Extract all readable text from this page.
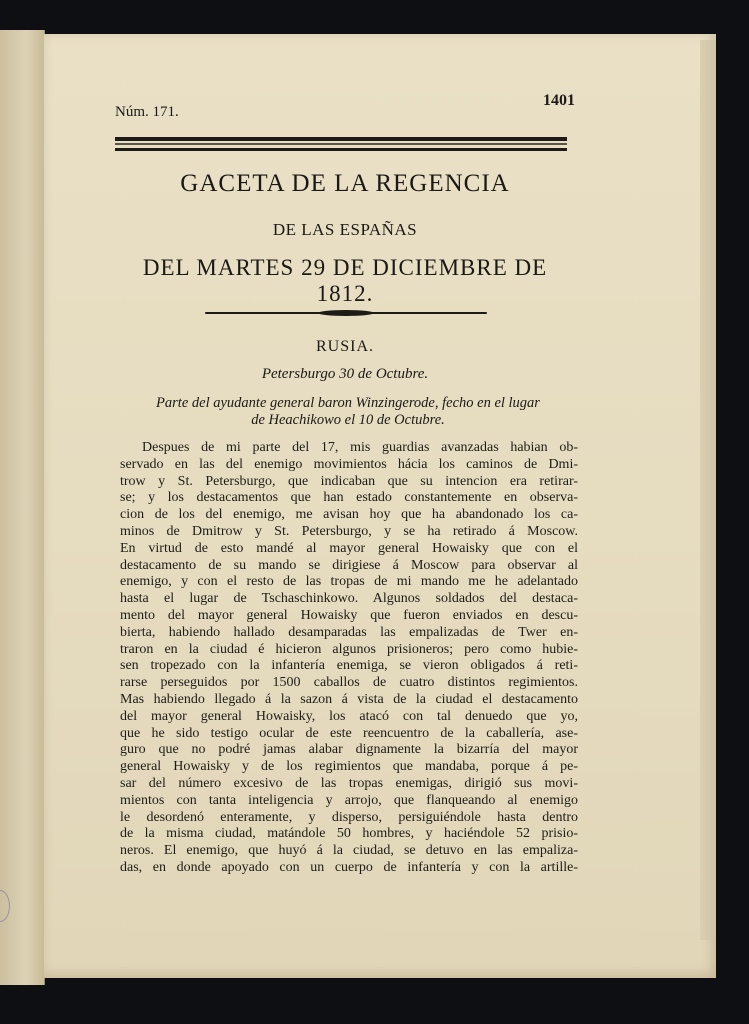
Núm. 171.
1401
GACETA DE LA REGENCIA
DE LAS ESPAÑAS
DEL MARTES 29 DE DICIEMBRE DE 1812.
RUSIA.
Petersburgo 30 de Octubre.
Parte del ayudante general baron Winzingerode, fecho en el lugar
de Heachikowo el 10 de Octubre.
Despues de mi parte del 17, mis guardias avanzadas habian ob-
servado en las del enemigo movimientos hácia los caminos de Dmi-
trow y St. Petersburgo, que indicaban que su intencion era retirar-
se; y los destacamentos que han estado constantemente en observa-
cion de los del enemigo, me avisan hoy que ha abandonado los ca-
minos de Dmitrow y St. Petersburgo, y se ha retirado á Moscow.
En virtud de esto mandé al mayor general Howaisky que con el
destacamento de su mando se dirigiese á Moscow para observar al
enemigo, y con el resto de las tropas de mi mando me he adelantado
hasta el lugar de Tschaschinkowo. Algunos soldados del destaca-
mento del mayor general Howaisky que fueron enviados en descu-
bierta, habiendo hallado desamparadas las empalizadas de Twer en-
traron en la ciudad é hicieron algunos prisioneros; pero como hubie-
sen tropezado con la infantería enemiga, se vieron obligados á reti-
rarse perseguidos por 1500 caballos de cuatro distintos regimientos.
Mas habiendo llegado á la sazon á vista de la ciudad el destacamento
del mayor general Howaisky, los atacó con tal denuedo que yo,
que he sido testigo ocular de este reencuentro de la caballería, ase-
guro que no podré jamas alabar dignamente la bizarría del mayor
general Howaisky y de los regimientos que mandaba, porque á pe-
sar del número excesivo de las tropas enemigas, dirigió sus movi-
mientos con tanta inteligencia y arrojo, que flanqueando al enemigo
le desordenó enteramente, y disperso, persiguiéndole hasta dentro
de la misma ciudad, matándole 50 hombres, y haciéndole 52 prisio-
neros. El enemigo, que huyó á la ciudad, se detuvo en las empaliza-
das, en donde apoyado con un cuerpo de infantería y con la artille-
